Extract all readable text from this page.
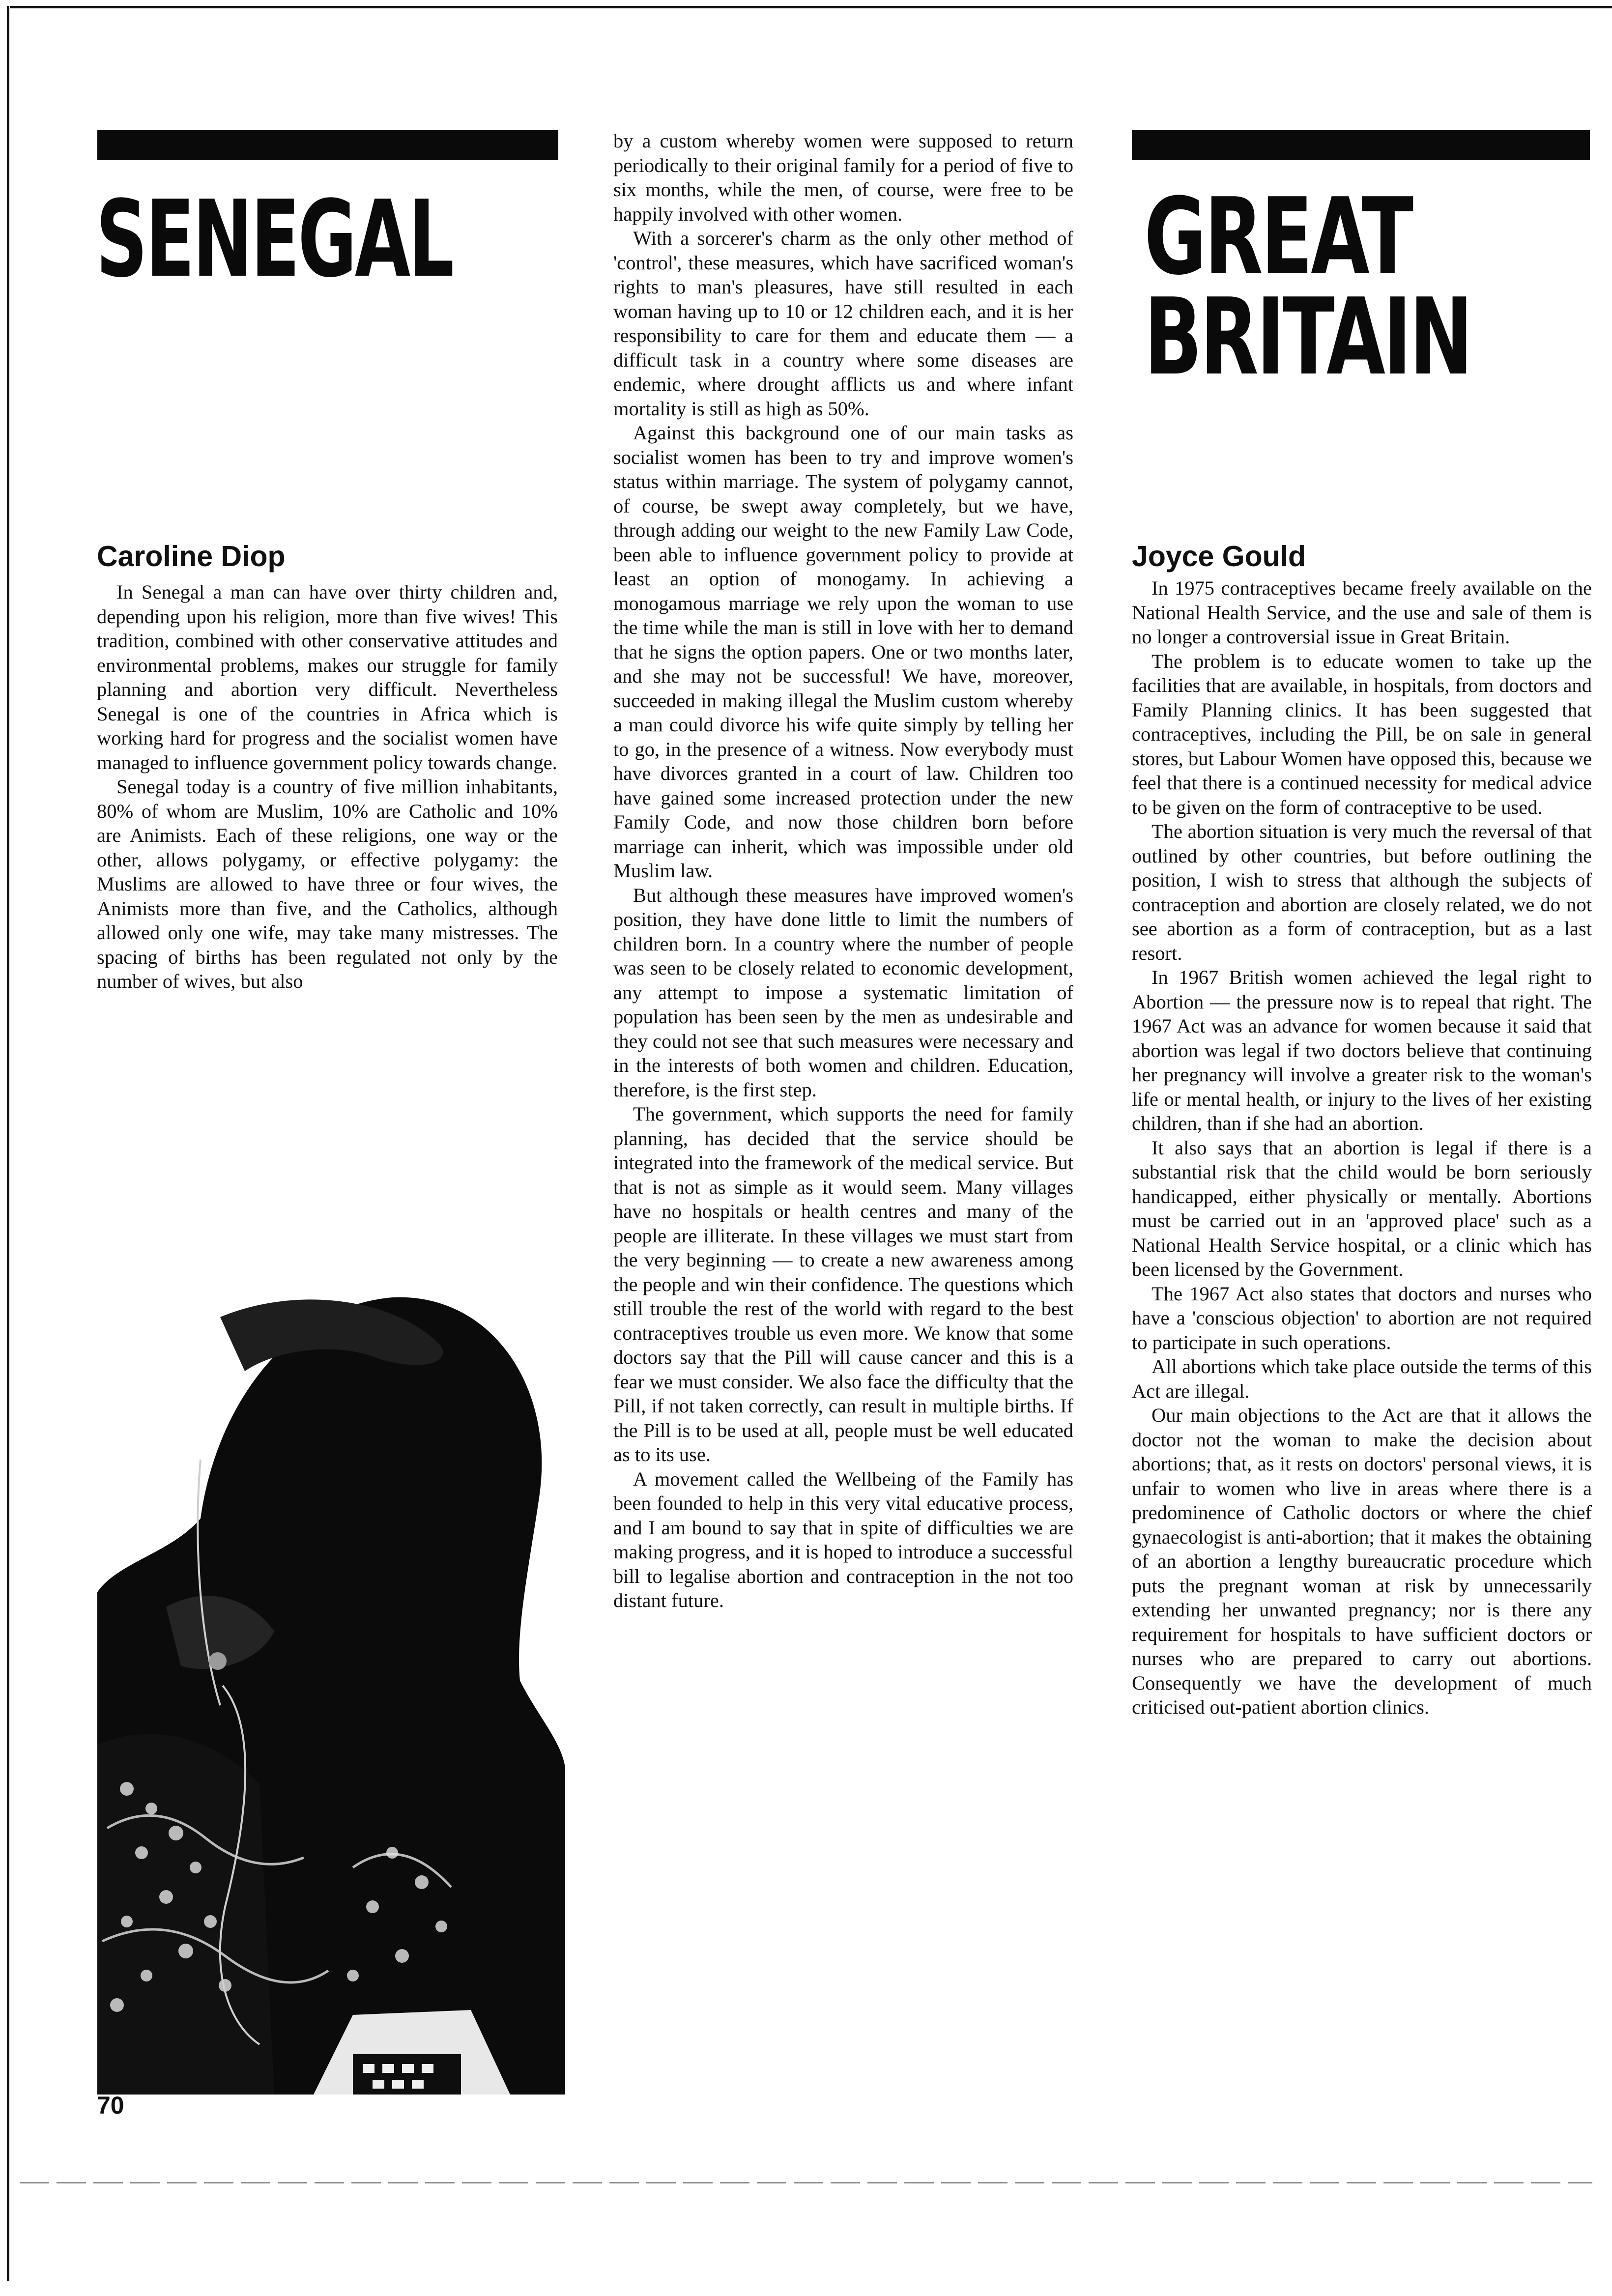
SENEGAL
Caroline Diop

In Senegal a man can have over thirty children and, depending upon his religion, more than five wives! This tradition, combined with other conservative attitudes and environmental problems, makes our struggle for family planning and abortion very difficult. Nevertheless Senegal is one of the countries in Africa which is working hard for progress and the socialist women have managed to influence government policy towards change.

Senegal today is a country of five million inhabitants, 80% of whom are Muslim, 10% are Catholic and 10% are Animists. Each of these religions, one way or the other, allows polygamy, or effective polygamy: the Muslims are allowed to have three or four wives, the Animists more than five, and the Catholics, although allowed only one wife, may take many mistresses. The spacing of births has been regulated not only by the number of wives, but also

70

by a custom whereby women were supposed to return periodically to their original family for a period of five to six months, while the men, of course, were free to be happily involved with other women.

With a sorcerer's charm as the only other method of 'control', these measures, which have sacrificed woman's rights to man's pleasures, have still resulted in each woman having up to 10 or 12 children each, and it is her responsibility to care for them and educate them — a difficult task in a country where some diseases are endemic, where drought afflicts us and where infant mortality is still as high as 50%.

Against this background one of our main tasks as socialist women has been to try and improve women's status within marriage. The system of polygamy cannot, of course, be swept away completely, but we have, through adding our weight to the new Family Law Code, been able to influence government policy to provide at least an option of monogamy. In achieving a monogamous marriage we rely upon the woman to use the time while the man is still in love with her to demand that he signs the option papers. One or two months later, and she may not be successful! We have, moreover, succeeded in making illegal the Muslim custom whereby a man could divorce his wife quite simply by telling her to go, in the presence of a witness. Now everybody must have divorces granted in a court of law. Children too have gained some increased protection under the new Family Code, and now those children born before marriage can inherit, which was impossible under old Muslim law.

But although these measures have improved women's position, they have done little to limit the numbers of children born. In a country where the number of people was seen to be closely related to economic development, any attempt to impose a systematic limitation of population has been seen by the men as undesirable and they could not see that such measures were necessary and in the interests of both women and children. Education, therefore, is the first step.

The government, which supports the need for family planning, has decided that the service should be integrated into the framework of the medical service. But that is not as simple as it would seem. Many villages have no hospitals or health centres and many of the people are illiterate. In these villages we must start from the very beginning — to create a new awareness among the people and win their confidence. The questions which still trouble the rest of the world with regard to the best contraceptives trouble us even more. We know that some doctors say that the Pill will cause cancer and this is a fear we must consider. We also face the difficulty that the Pill, if not taken correctly, can result in multiple births. If the Pill is to be used at all, people must be well educated as to its use.

A movement called the Wellbeing of the Family has been founded to help in this very vital educative process, and I am bound to say that in spite of difficulties we are making progress, and it is hoped to introduce a successful bill to legalise abortion and contraception in the not too distant future.

GREAT
BRITAIN
Joyce Gould

In 1975 contraceptives became freely available on the National Health Service, and the use and sale of them is no longer a controversial issue in Great Britain.

The problem is to educate women to take up the facilities that are available, in hospitals, from doctors and Family Planning clinics. It has been suggested that contraceptives, including the Pill, be on sale in general stores, but Labour Women have opposed this, because we feel that there is a continued necessity for medical advice to be given on the form of contraceptive to be used.

The abortion situation is very much the reversal of that outlined by other countries, but before outlining the position, I wish to stress that although the subjects of contraception and abortion are closely related, we do not see abortion as a form of contraception, but as a last resort.

In 1967 British women achieved the legal right to Abortion — the pressure now is to repeal that right. The 1967 Act was an advance for women because it said that abortion was legal if two doctors believe that continuing her pregnancy will involve a greater risk to the woman's life or mental health, or injury to the lives of her existing children, than if she had an abortion.

It also says that an abortion is legal if there is a substantial risk that the child would be born seriously handicapped, either physically or mentally. Abortions must be carried out in an 'approved place' such as a National Health Service hospital, or a clinic which has been licensed by the Government.

The 1967 Act also states that doctors and nurses who have a 'conscious objection' to abortion are not required to participate in such operations.

All abortions which take place outside the terms of this Act are illegal.

Our main objections to the Act are that it allows the doctor not the woman to make the decision about abortions; that, as it rests on doctors' personal views, it is unfair to women who live in areas where there is a predominence of Catholic doctors or where the chief gynaecologist is anti-abortion; that it makes the obtaining of an abortion a lengthy bureaucratic procedure which puts the pregnant woman at risk by unnecessarily extending her unwanted pregnancy; nor is there any requirement for hospitals to have sufficient doctors or nurses who are prepared to carry out abortions. Consequently we have the development of much criticised out-patient abortion clinics.
